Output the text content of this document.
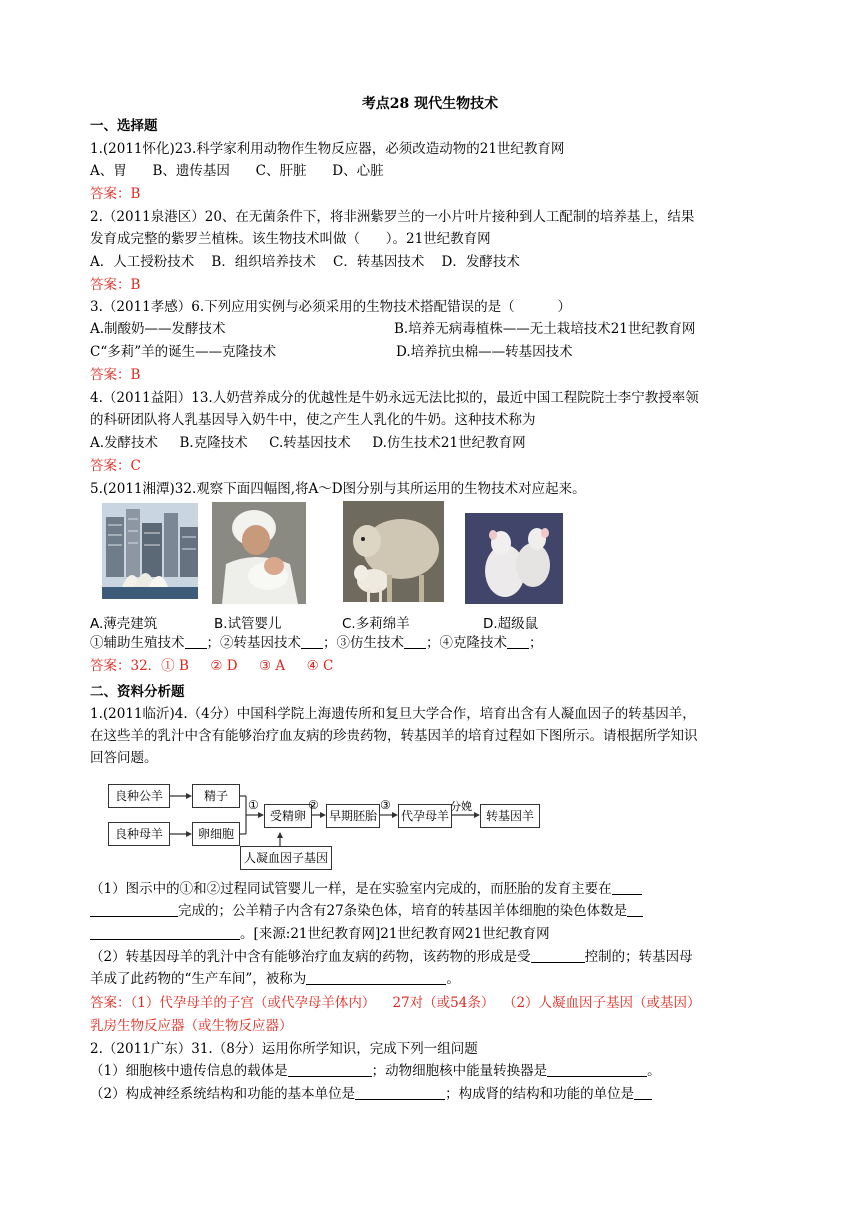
考点28 现代生物技术
一、选择题
1.(2011怀化)23.科学家利用动物作生物反应器，必须改造动物的21世纪教育网
A、胃      B、遗传基因      C、肝脏      D、心脏
答案：B
2.（2011泉港区）20、在无菌条件下，将非洲紫罗兰的一小片叶片接种到人工配制的培养基上，结果
发育成完整的紫罗兰植株。该生物技术叫做（      ）。21世纪教育网
A．人工授粉技术    B．组织培养技术    C．转基因技术    D．发酵技术
答案：B
3.（2011孝感）6.下列应用实例与必须采用的生物技术搭配错误的是（          ）
A.制酸奶——发酵技术	B.培养无病毒植株——无土栽培技术21世纪教育网
C“多莉”羊的诞生——克隆技术	D.培养抗虫棉——转基因技术
答案：B
4.（2011益阳）13.人奶营养成分的优越性是牛奶永远无法比拟的，最近中国工程院院士李宁教授率领
的科研团队将人乳基因导入奶牛中，使之产生人乳化的牛奶。这种技术称为
A.发酵技术     B.克隆技术     C.转基因技术     D.仿生技术21世纪教育网
答案：C
5.(2011湘潭)32.观察下面四幅图,将A～D图分别与其所运用的生物技术对应起来。
A.薄壳建筑	B.试管婴儿	C.多莉绵羊	D.超级鼠
①辅助生殖技术 ；②转基因技术 ；③仿生技术 ；④克隆技术 ；
答案：32．① B     ② D     ③ A     ④ C
二、资料分析题
1.(2011临沂)4.（4分）中国科学院上海遗传所和复旦大学合作，培育出含有人凝血因子的转基因羊，
在这些羊的乳汁中含有能够治疗血友病的珍贵药物，转基因羊的培育过程如下图所示。请根据所学知识
回答问题。
良种公羊
良种母羊
精子
卵细胞
受精卵	早期胚胎 代孕母羊	转基因羊
人凝血因子基因
①	②	③	分娩
（1）图示中的①和②过程同试管婴儿一样，是在实验室内完成的，而胚胎的发育主要在
完成的；公羊精子内含有27条染色体，培育的转基因羊体细胞的染色体数是
。[来源:21世纪教育网]21世纪教育网21世纪教育网
（2）转基因母羊的乳汁中含有能够治疗血友病的药物，该药物的形成是受	控制的；转基因母
羊成了此药物的“生产车间”，被称为	。
答案：（1）代孕母羊的子宫（或代孕母羊体内）    27对（或54条）  （2）人凝血因子基因（或基因）
乳房生物反应器（或生物反应器）
2.（2011广东）31.（8分）运用你所学知识，完成下列一组问题
（1）细胞核中遗传信息的载体是	；动物细胞核中能量转换器是	。
（2）构成神经系统结构和功能的基本单位是	；构成肾的结构和功能的单位是
